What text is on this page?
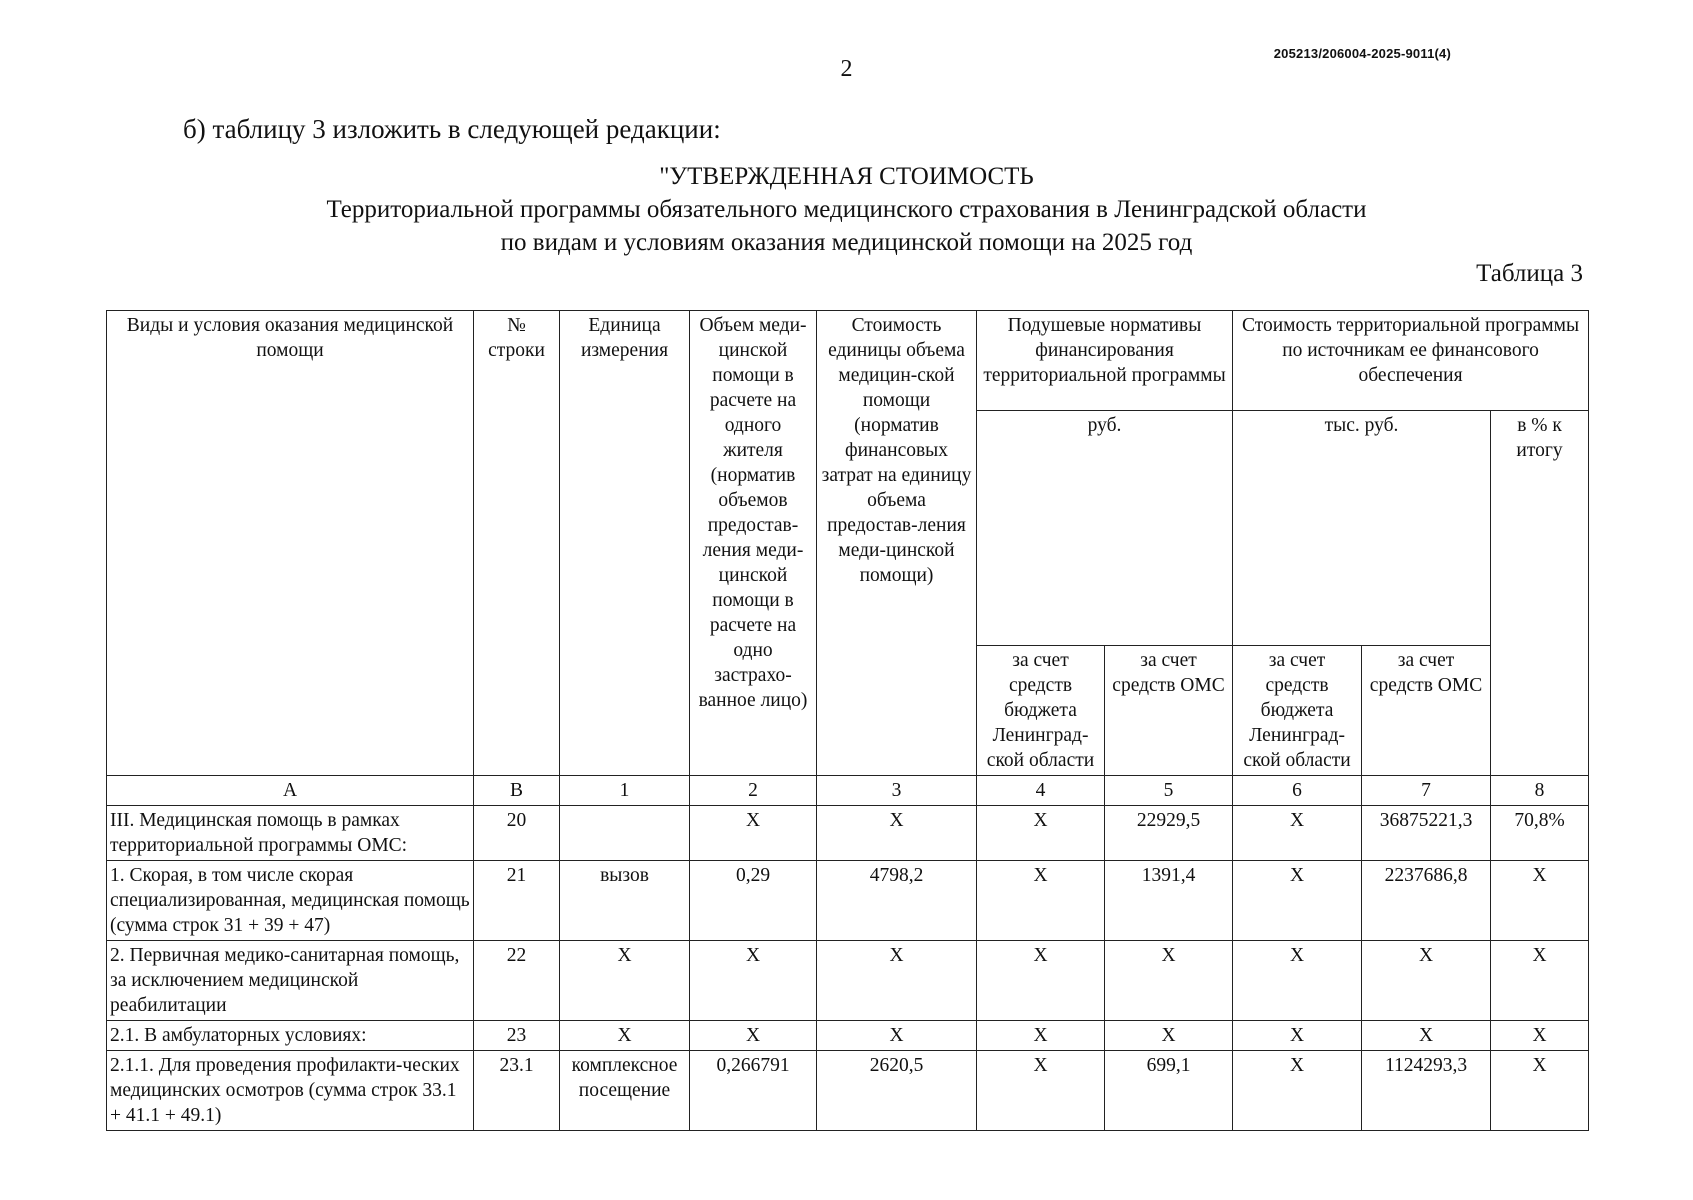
205213/206004-2025-9011(4)
2
б) таблицу 3 изложить в следующей редакции:
"УТВЕРЖДЕННАЯ СТОИМОСТЬ
Территориальной программы обязательного медицинского страхования в Ленинградской области
по видам и условиям оказания медицинской помощи на 2025 год
Таблица 3
Виды и условия оказания медицинской помощи	№ строки	Единица измерения	Объем меди-цинской помощи в расчете на одного жителя (норматив объемов предостав-ления меди-цинской помощи в расчете на одно застрахо-ванное лицо)	Стоимость единицы объема медицин-ской помощи (норматив финансовых затрат на единицу объема предостав-ления меди-цинской помощи)	Подушевые нормативы финансирования территориальной программы		Стоимость территориальной программы по источникам ее финансового обеспечения		
					руб.		тыс. руб.		в % к итогу
					за счет средств бюджета Ленинград-ской области	за счет средств ОМС	за счет средств бюджета Ленинград-ской области	за счет средств ОМС	
А	В	1	2	3	4	5	6	7	8
III. Медицинская помощь в рамках территориальной программы ОМС:	20		X	X	X	22929,5	X	36875221,3	70,8%
1. Скорая, в том числе скорая специализированная, медицинская помощь (сумма строк 31 + 39 + 47)	21	вызов	0,29	4798,2	X	1391,4	X	2237686,8	X
2. Первичная медико-санитарная помощь, за исключением медицинской реабилитации	22	X	X	X	X	X	X	X	X
2.1. В амбулаторных условиях:	23	X	X	X	X	X	X	X	X
2.1.1. Для проведения профилакти-ческих медицинских осмотров (сумма строк 33.1 + 41.1 + 49.1)	23.1	комплексное посещение	0,266791	2620,5	X	699,1	X	1124293,3	X
